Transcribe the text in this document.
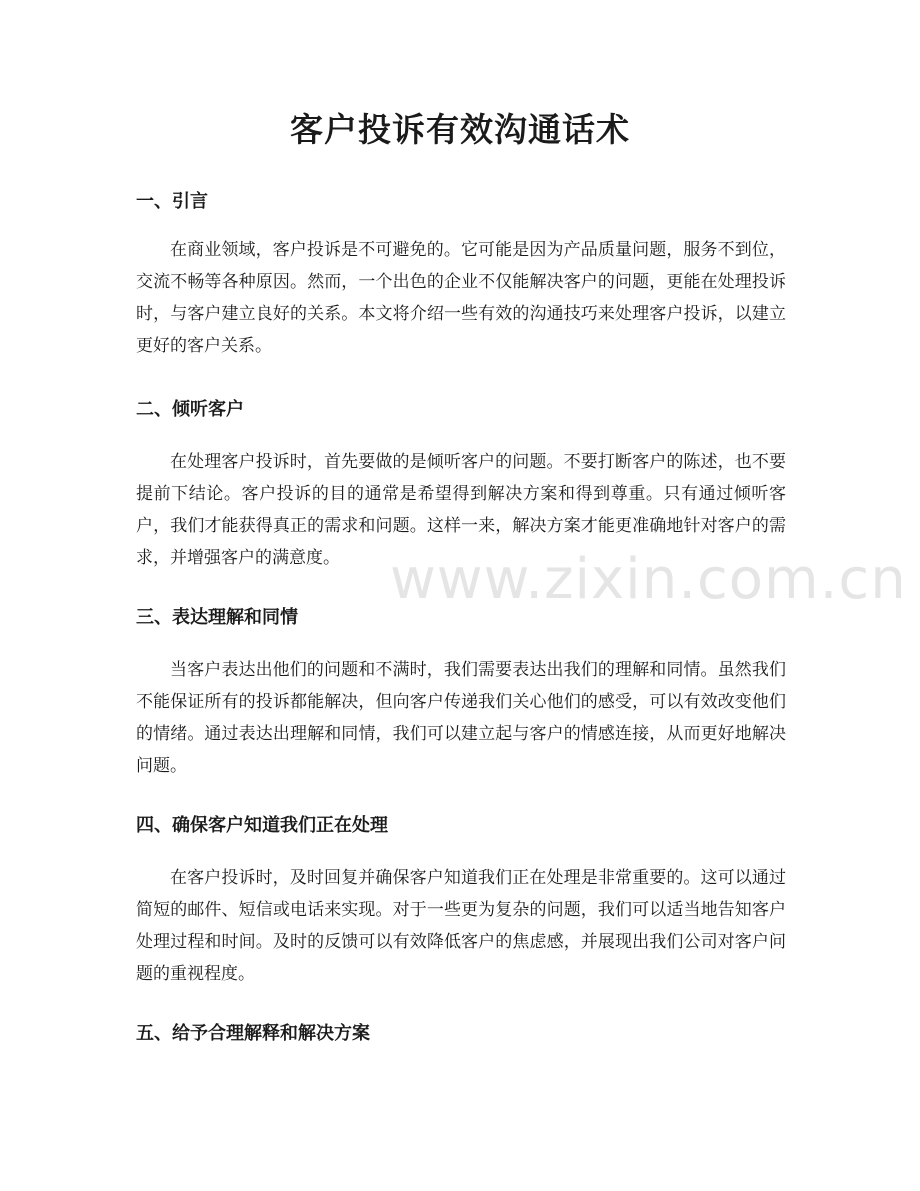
客户投诉有效沟通话术
一、引言

在商业领域，客户投诉是不可避免的。它可能是因为产品质量问题，服务不到位，交流不畅等各种原因。然而，一个出色的企业不仅能解决客户的问题，更能在处理投诉时，与客户建立良好的关系。本文将介绍一些有效的沟通技巧来处理客户投诉，以建立更好的客户关系。

二、倾听客户

在处理客户投诉时，首先要做的是倾听客户的问题。不要打断客户的陈述，也不要提前下结论。客户投诉的目的通常是希望得到解决方案和得到尊重。只有通过倾听客户，我们才能获得真正的需求和问题。这样一来，解决方案才能更准确地针对客户的需求，并增强客户的满意度。

三、表达理解和同情

当客户表达出他们的问题和不满时，我们需要表达出我们的理解和同情。虽然我们不能保证所有的投诉都能解决，但向客户传递我们关心他们的感受，可以有效改变他们的情绪。通过表达出理解和同情，我们可以建立起与客户的情感连接，从而更好地解决问题。

四、确保客户知道我们正在处理

在客户投诉时，及时回复并确保客户知道我们正在处理是非常重要的。这可以通过简短的邮件、短信或电话来实现。对于一些更为复杂的问题，我们可以适当地告知客户处理过程和时间。及时的反馈可以有效降低客户的焦虑感，并展现出我们公司对客户问题的重视程度。

五、给予合理解释和解决方案
www.zixin.com.cn
